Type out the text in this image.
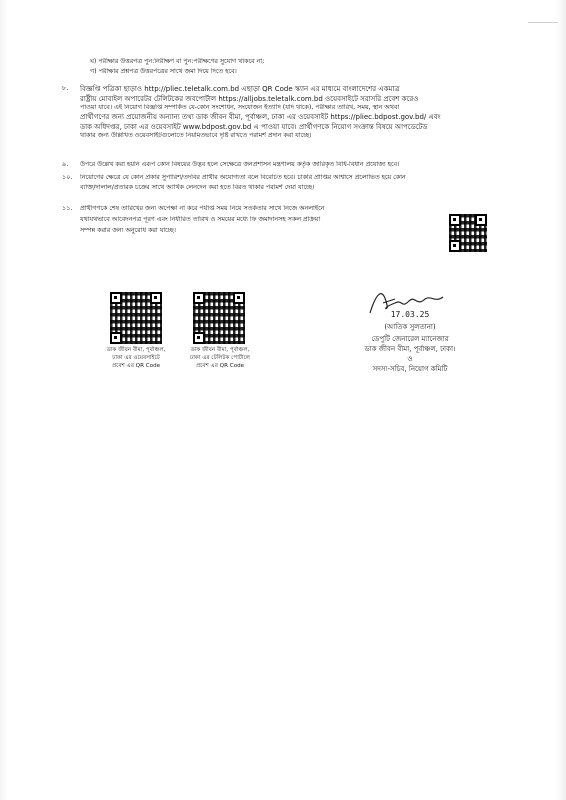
ঘ) পরীক্ষার উত্তরপত্র পুন:নিরীক্ষণ বা পুন:পরীক্ষণের সুযোগ থাকবে না;
গ) পরীক্ষার প্রশ্নপত্র উত্তরপত্রের সাথে জমা দিয়ে দিতে হবে।
৮. বিজ্ঞপ্তি পত্রিকা ছাড়াও http://pliec.teletalk.com.bd এছাড়া QR Code স্ক্যান এর মাধ্যমে বাংলাদেশের একমাত্র
রাষ্ট্রীয় মোবাইল অপারেটর টেলিটকের জবপোর্টাল https://alljobs.teletalk.com.bd ওয়েবসাইটে সরাসরি প্রবেশ করেও
পাওয়া যাবে। এই নিয়োগ বিজ্ঞপ্তি সম্পর্কিত যে-কোন সংশোধন, সংযোজন ইত্যাদি (যদি থাকে), পরীক্ষার তারিখ, সময়, স্থান অথবা
প্রার্থীগণের জন্য প্রয়োজনীয় অন্যান্য তথ্য ডাক জীবন বীমা, পূর্বাঞ্চল, ঢাকা এর ওয়েবসাইট https://pliec.bdpost.gov.bd/ এবং
ডাক অধিদপ্তর, ঢাকা এর ওয়েবসাইট www.bdpost.gov.bd এ পাওয়া যাবে। প্রার্থীগণকে নিয়োগ সংক্রান্ত বিষয়ে আপডেটেড
থাকার জন্য উল্লিখিত ওয়েবসাইটগুলোতে নিয়মিতভাবে দৃষ্টি রাখতে পরামর্শ প্রদান করা যাচ্ছে।
৯. উপরে উল্লেখ করা হয়নি এরূপ কোন বিষয়ের উদ্ভব হলে সেক্ষেত্রে জনপ্রশাসন মন্ত্রণালয় কর্তৃক জারিকৃত বিধি-বিধান প্রযোজ্য হবে।
১০. নিয়োগের ক্ষেত্রে যে কোন প্রকার সুপারিশ/তদবির প্রার্থীর অযোগ্যতা বলে বিবেচিত হবে। চাকরি প্রাপ্তির আশ্বাসে প্রলোভিত হয়ে কোন
ব্যক্তি/দালাল/প্রতারক চক্রের সাথে আর্থিক লেনদেন করা হতে বিরত থাকার পরামর্শ দেয়া যাচ্ছে।
১১. প্রার্থীগণকে শেষ তারিখের জন্য অপেক্ষা না করে পর্যাপ্ত সময় নিয়ে সতর্কতার সাথে নিজে অনলাইনে
যথাযথভাবে আবেদনপত্র পূরণ এবং নির্ধারিত তারিখ ও সময়ের মধ্যে ফি জমাদানসহ সকল প্রক্রিয়া
সম্পন্ন করার জন্য অনুরোধ করা যাচ্ছে।
ডাক জীবন বীমা, পূর্বাঞ্চল,
ঢাকা এর ওয়েবসাইটে
প্রবেশ এর QR Code
ডাক জীবন বীমা, পূর্বাঞ্চল,
ঢাকা এর টেলিটক পোর্টালে
প্রবেশ এর QR Code
17.03.25
(আতিক সুলতানা)
ডেপুটি জেনারেল ম্যানেজার
ডাক জীবন বীমা, পূর্বাঞ্চল, ঢাকা।
ও
সদস্য-সচিব, নিয়োগ কমিটি
